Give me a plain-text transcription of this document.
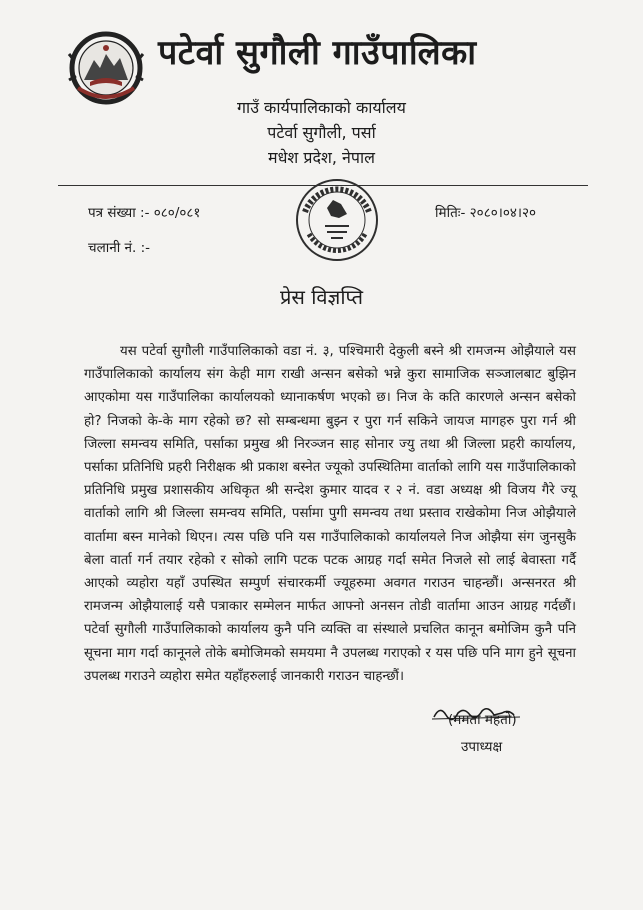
पटेर्वा सुगौली गाउँपालिका
गाउँ कार्यपालिकाको कार्यालय
पटेर्वा सुगौली, पर्सा
मधेश प्रदेश, नेपाल
पत्र संख्या :- ०८०/०८१
चलानी नं. :-
मितिः- २०८०।०४।२०
प्रेस विज्ञप्ति
यस पटेर्वा सुगौली गाउँपालिकाको वडा नं. ३, पश्चिमारी देकुली बस्ने श्री रामजन्म ओझैयाले यस गाउँपालिकाको कार्यालय संग केही माग राखी अन्सन बसेको भन्ने कुरा सामाजिक सञ्जालबाट बुझिन आएकोमा यस गाउँपालिका कार्यालयको ध्यानाकर्षण भएको छ। निज के कति कारणले अन्सन बसेको हो? निजको के-के माग रहेको छ? सो सम्बन्धमा बुझ्न र पुरा गर्न सकिने जायज मागहरु पुरा गर्न श्री जिल्ला समन्वय समिति, पर्साका प्रमुख श्री निरञ्जन साह सोनार ज्यु तथा श्री जिल्ला प्रहरी कार्यालय, पर्साका प्रतिनिधि प्रहरी निरीक्षक श्री प्रकाश बस्नेत ज्यूको उपस्थितिमा वार्ताको लागि यस गाउँपालिकाको प्रतिनिधि प्रमुख प्रशासकीय अधिकृत श्री सन्देश कुमार यादव र २ नं. वडा अध्यक्ष श्री विजय गैरे ज्यू वार्ताको लागि श्री जिल्ला समन्वय समिति, पर्सामा पुगी समन्वय तथा प्रस्ताव राखेकोमा निज ओझैयाले वार्तामा बस्न मानेको थिएन। त्यस पछि पनि यस गाउँपालिकाको कार्यालयले निज ओझैया संग जुनसुकै बेला वार्ता गर्न तयार रहेको र सोको लागि पटक पटक आग्रह गर्दा समेत निजले सो लाई बेवास्ता गर्दै आएको व्यहोरा यहाँ उपस्थित सम्पुर्ण संचारकर्मी ज्यूहरुमा अवगत गराउन चाहन्छौं। अन्सनरत श्री रामजन्म ओझैयालाई यसै पत्राकार सम्मेलन मार्फत आफ्नो अनसन तोडी वार्तामा आउन आग्रह गर्दछौं। पटेर्वा सुगौली गाउँपालिकाको कार्यालय कुनै पनि व्यक्ति वा संस्थाले प्रचलित कानून बमोजिम कुनै पनि सूचना माग गर्दा कानूनले तोके बमोजिमको समयमा नै उपलब्ध गराएको र यस पछि पनि माग हुने सूचना उपलब्ध गराउने व्यहोरा समेत यहाँहरुलाई जानकारी गराउन चाहन्छौं।
(ममता महतो)
उपाध्यक्ष
